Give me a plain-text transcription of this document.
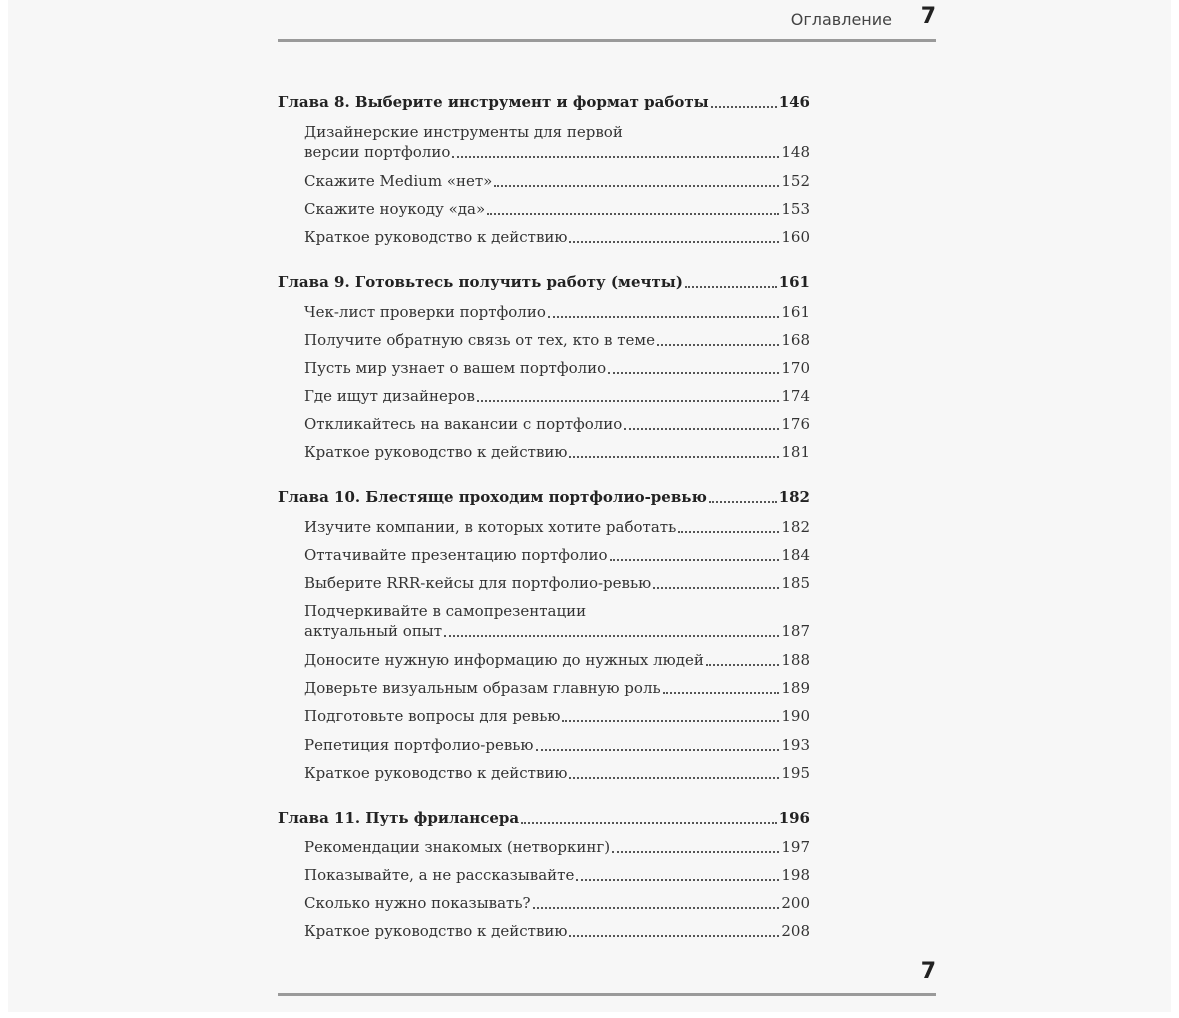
Оглавление 7
Глава 8. Выберите инструмент и формат работы	146
Дизайнерские инструменты для первой
версии портфолио	148
Скажите Medium «нет»	152
Скажите ноукоду «да»	153
Краткое руководство к действию	160
Глава 9. Готовьтесь получить работу (мечты)	161
Чек-лист проверки портфолио	161
Получите обратную связь от тех, кто в теме	168
Пусть мир узнает о вашем портфолио	170
Где ищут дизайнеров	174
Откликайтесь на вакансии с портфолио	176
Краткое руководство к действию	181
Глава 10. Блестяще проходим портфолио-ревью	182
Изучите компании, в которых хотите работать	182
Оттачивайте презентацию портфолио	184
Выберите RRR-кейсы для портфолио-ревью	185
Подчеркивайте в самопрезентации
актуальный опыт	187
Доносите нужную информацию до нужных людей	188
Доверьте визуальным образам главную роль	189
Подготовьте вопросы для ревью	190
Репетиция портфолио-ревью	193
Краткое руководство к действию	195
Глава 11. Путь фрилансера	196
Рекомендации знакомых (нетворкинг)	197
Показывайте, а не рассказывайте	198
Сколько нужно показывать?	200
Краткое руководство к действию	208
7
